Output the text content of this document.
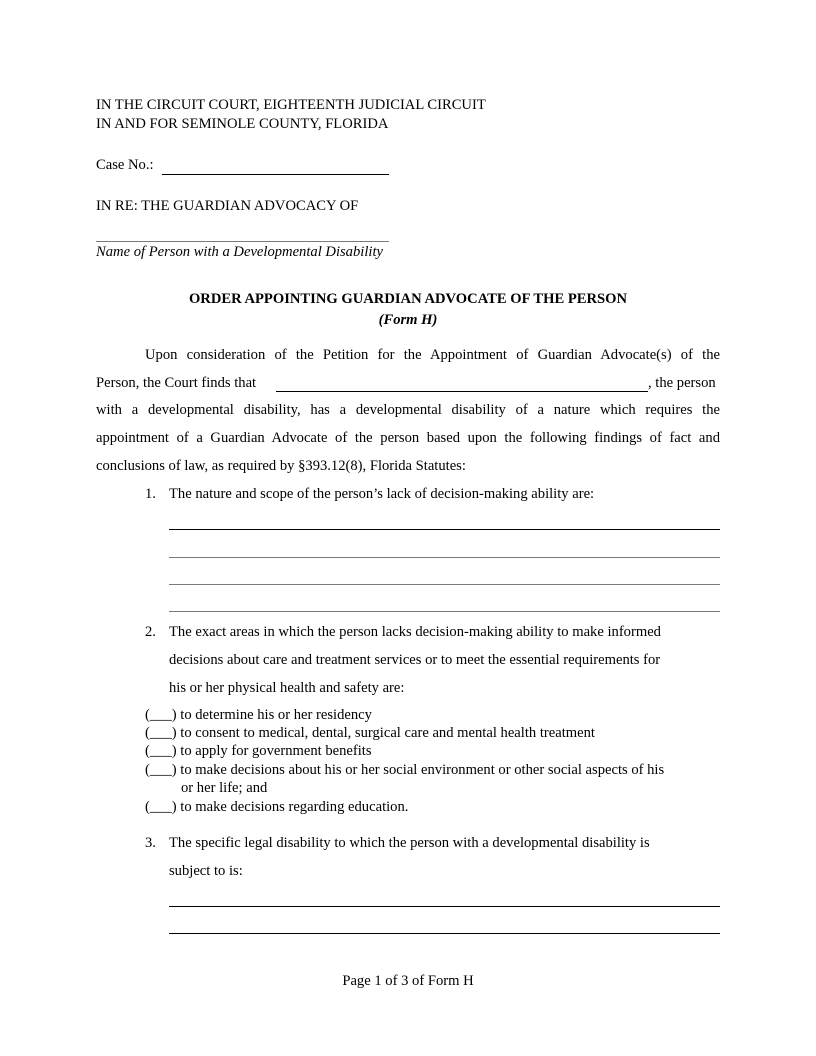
IN THE CIRCUIT COURT, EIGHTEENTH JUDICIAL CIRCUIT
IN AND FOR SEMINOLE COUNTY, FLORIDA
Case No.:
IN RE: THE GUARDIAN ADVOCACY OF
Name of Person with a Developmental Disability
ORDER APPOINTING GUARDIAN ADVOCATE OF THE PERSON
(Form H)
Upon consideration of the Petition for the Appointment of Guardian Advocate(s) of the
Person, the Court finds that	, the person
with a developmental disability, has a developmental disability of a nature which requires the
appointment of a Guardian Advocate of the person based upon the following findings of fact and
conclusions of law, as required by §393.12(8), Florida Statutes:
1. The nature and scope of the person’s lack of decision-making ability are:
2. The exact areas in which the person lacks decision-making ability to make informed
decisions about care and treatment services or to meet the essential requirements for
his or her physical health and safety are:
(___) to determine his or her residency
(___) to consent to medical, dental, surgical care and mental health treatment
(___) to apply for government benefits
(___) to make decisions about his or her social environment or other social aspects of his
or her life; and
(___) to make decisions regarding education.
3. The specific legal disability to which the person with a developmental disability is
subject to is:
Page 1 of 3 of Form H
